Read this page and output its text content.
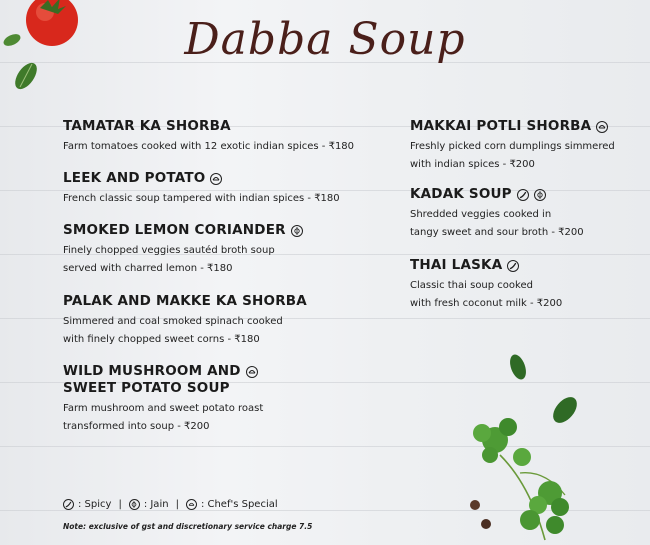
Dabba Soup
TAMATAR KA SHORBA
Farm tomatoes cooked with 12 exotic indian spices - ₹180
LEEK AND POTATO
French classic soup tampered with indian spices - ₹180
SMOKED LEMON CORIANDER
Finely chopped veggies sautéd broth soup
served with charred lemon - ₹180
PALAK AND MAKKE KA SHORBA
Simmered and coal smoked spinach cooked
with finely chopped sweet corns - ₹180
WILD MUSHROOM AND
SWEET POTATO SOUP
Farm mushroom and sweet potato roast
transformed into soup - ₹200
MAKKAI POTLI SHORBA
Freshly picked corn dumplings simmered
with indian spices - ₹200
KADAK SOUP
Shredded veggies cooked in
tangy sweet and sour broth - ₹200
THAI LASKA
Classic thai soup cooked
with fresh coconut milk - ₹200
: Spicy | : Jain | : Chef's Special
Note: exclusive of gst and discretionary service charge 7.5
